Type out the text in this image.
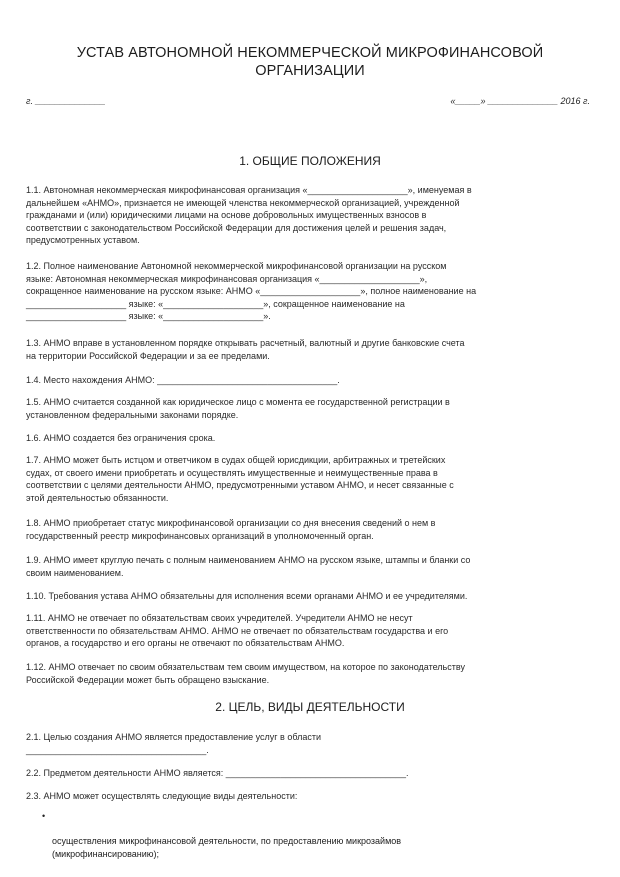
УСТАВ АВТОНОМНОЙ НЕКОММЕРЧЕСКОЙ МИКРОФИНАНСОВОЙ
ОРГАНИЗАЦИИ
г. ______________	«_____» ______________ 2016 г.
1. ОБЩИЕ ПОЛОЖЕНИЯ
1.1. Автономная некоммерческая микрофинансовая организация «____________________», именуемая в
дальнейшем «АНМО», признается не имеющей членства некоммерческой организацией, учрежденной
гражданами и (или) юридическими лицами на основе добровольных имущественных взносов в
соответствии с законодательством Российской Федерации для достижения целей и решения задач,
предусмотренных уставом.
1.2. Полное наименование Автономной некоммерческой микрофинансовой организации на русском
языке: Автономная некоммерческая микрофинансовая организация «____________________»,
сокращенное наименование на русском языке: АНМО «____________________», полное наименование на
____________________ языке: «____________________», сокращенное наименование на
____________________ языке: «____________________».
1.3. АНМО вправе в установленном порядке открывать расчетный, валютный и другие банковские счета
на территории Российской Федерации и за ее пределами.
1.4. Место нахождения АНМО: ____________________________________.
1.5. АНМО считается созданной как юридическое лицо с момента ее государственной регистрации в
установленном федеральными законами порядке.
1.6. АНМО создается без ограничения срока.
1.7. АНМО может быть истцом и ответчиком в судах общей юрисдикции, арбитражных и третейских
судах, от своего имени приобретать и осуществлять имущественные и неимущественные права в
соответствии с целями деятельности АНМО, предусмотренными уставом АНМО, и несет связанные с
этой деятельностью обязанности.
1.8. АНМО приобретает статус микрофинансовой организации со дня внесения сведений о нем в
государственный реестр микрофинансовых организаций в уполномоченный орган.
1.9. АНМО имеет круглую печать с полным наименованием АНМО на русском языке, штампы и бланки со
своим наименованием.
1.10. Требования устава АНМО обязательны для исполнения всеми органами АНМО и ее учредителями.
1.11. АНМО не отвечает по обязательствам своих учредителей. Учредители АНМО не несут
ответственности по обязательствам АНМО. АНМО не отвечает по обязательствам государства и его
органов, а государство и его органы не отвечают по обязательствам АНМО.
1.12. АНМО отвечает по своим обязательствам тем своим имуществом, на которое по законодательству
Российской Федерации может быть обращено взыскание.
2. ЦЕЛЬ, ВИДЫ ДЕЯТЕЛЬНОСТИ
2.1. Целью создания АНМО является предоставление услуг в области
____________________________________.
2.2. Предметом деятельности АНМО является: ____________________________________.
2.3. АНМО может осуществлять следующие виды деятельности:

•

осуществления микрофинансовой деятельности, по предоставлению микрозаймов
(микрофинансированию);
